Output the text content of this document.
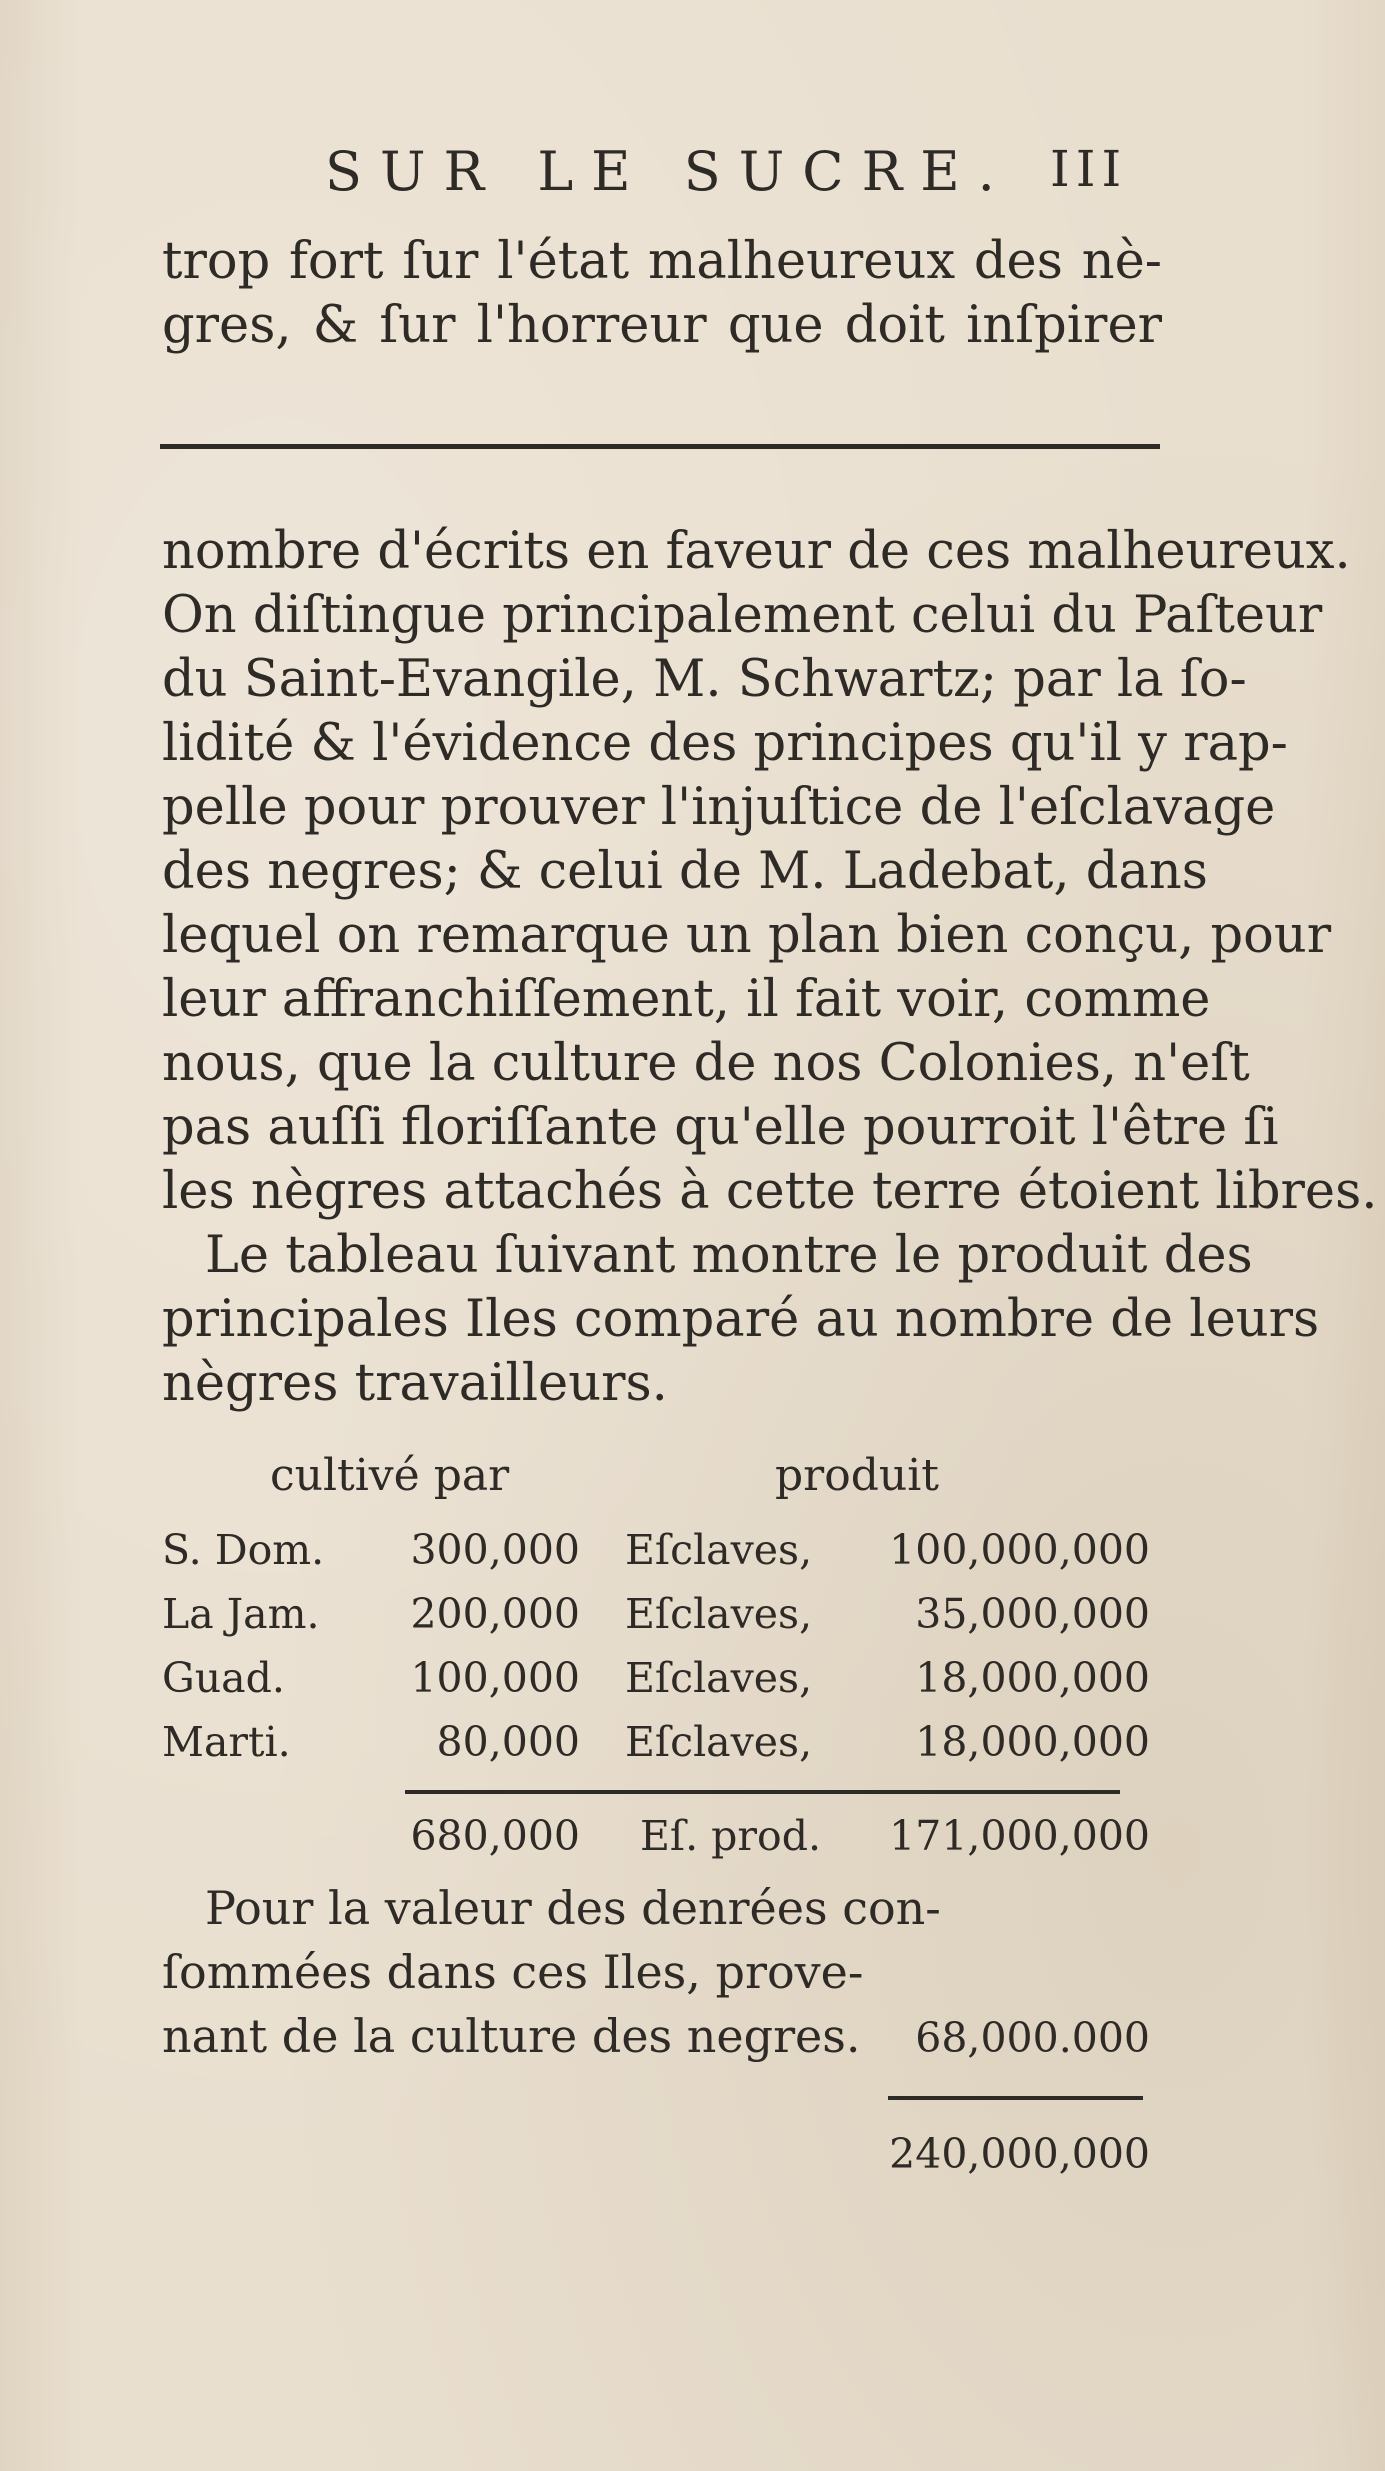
SUR LE SUCRE. III
trop fort ſur l'état malheureux des nè-
gres, & ſur l'horreur que doit inſpirer
nombre d'écrits en faveur de ces malheureux.
On diſtingue principalement celui du Paſteur
du Saint-Evangile, M. Schwartz; par la ſo-
lidité & l'évidence des principes qu'il y rap-
pelle pour prouver l'injuſtice de l'eſclavage
des negres; & celui de M. Ladebat, dans
lequel on remarque un plan bien conçu, pour
leur affranchiſſement, il fait voir, comme
nous, que la culture de nos Colonies, n'eſt
pas auſſi floriſſante qu'elle pourroit l'être ſi
les nègres attachés à cette terre étoient libres.
Le tableau ſuivant montre le produit des
principales Iles comparé au nombre de leurs
nègres travailleurs.
cultivé par	produit
S. Dom.	300,000 Eſclaves,	100,000,000
La Jam.	200,000 Eſclaves,	35,000,000
Guad.	100,000 Eſclaves,	18,000,000
Marti.	80,000 Eſclaves,	18,000,000
680,000 Eſ. prod.	171,000,000
Pour la valeur des denrées con-
ſommées dans ces Iles, prove-
nant de la culture des negres.	68,000.000
240,000,000
